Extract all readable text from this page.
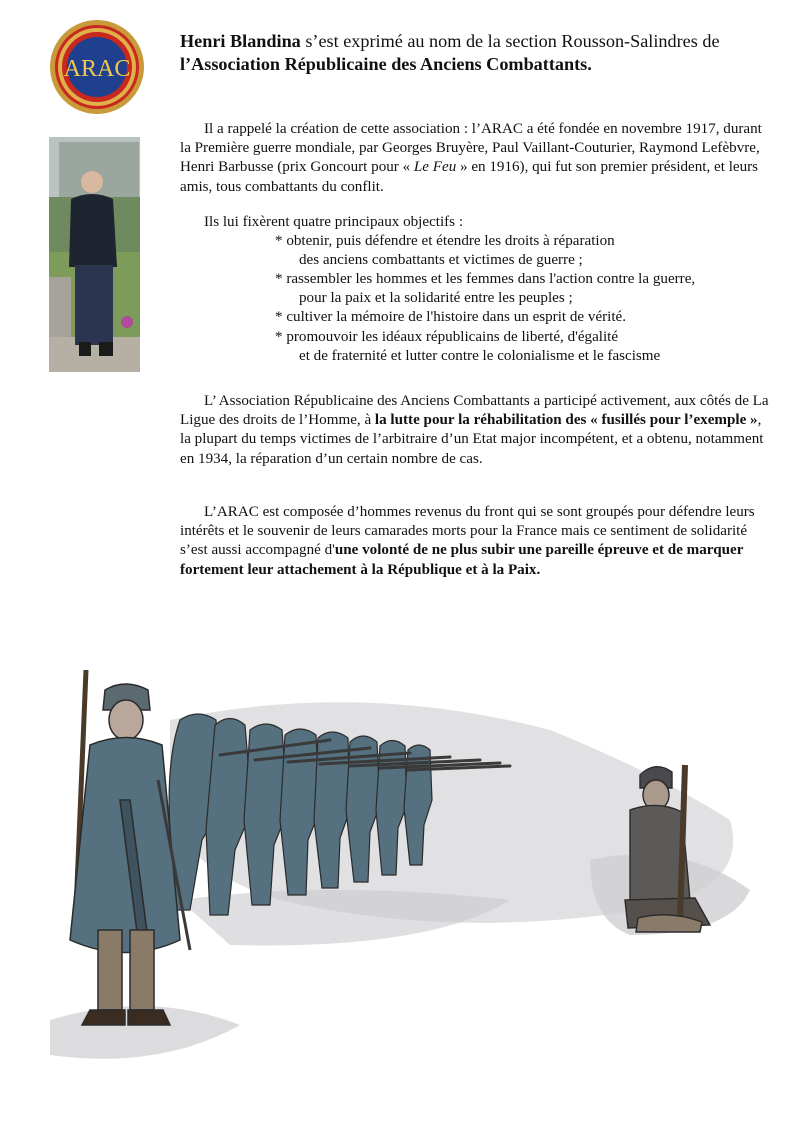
ARAC

Henri Blandina s’est exprimé au nom de la section Rousson-Salindres de l’Association Républicaine des Anciens Combattants.

Il a rappelé la création de cette association : l’ARAC a été fondée en novembre 1917, durant la Première guerre mondiale, par Georges Bruyère, Paul Vaillant-Couturier, Raymond Lefèbvre, Henri Barbusse (prix Goncourt pour « Le Feu » en 1916), qui fut son premier président, et leurs amis, tous combattants du conflit.

Ils lui fixèrent quatre principaux objectifs :

* obtenir, puis défendre et étendre les droits à réparation
des anciens combattants et victimes de guerre ;
* rassembler les hommes et les femmes dans l'action contre la guerre,
pour la paix et la solidarité entre les peuples ;
* cultiver la mémoire de l'histoire dans un esprit de vérité.
* promouvoir les idéaux républicains de liberté, d'égalité
et de fraternité et lutter contre le colonialisme et le fascisme

L’ Association Républicaine des Anciens Combattants a participé activement, aux côtés de La Ligue des droits de l’Homme, à la lutte pour la réhabilitation des « fusillés pour l’exemple », la plupart du temps victimes de l’arbitraire d’un Etat major incompétent, et a obtenu, notamment en 1934, la réparation d’un certain nombre de cas.

L’ARAC est composée d’hommes revenus du front qui se sont groupés pour défendre leurs intérêts et le souvenir de leurs camarades morts pour la France mais ce sentiment de solidarité s’est aussi accompagné d'une volonté de ne plus subir une pareille épreuve et de marquer fortement leur attachement à la République et à la Paix.
